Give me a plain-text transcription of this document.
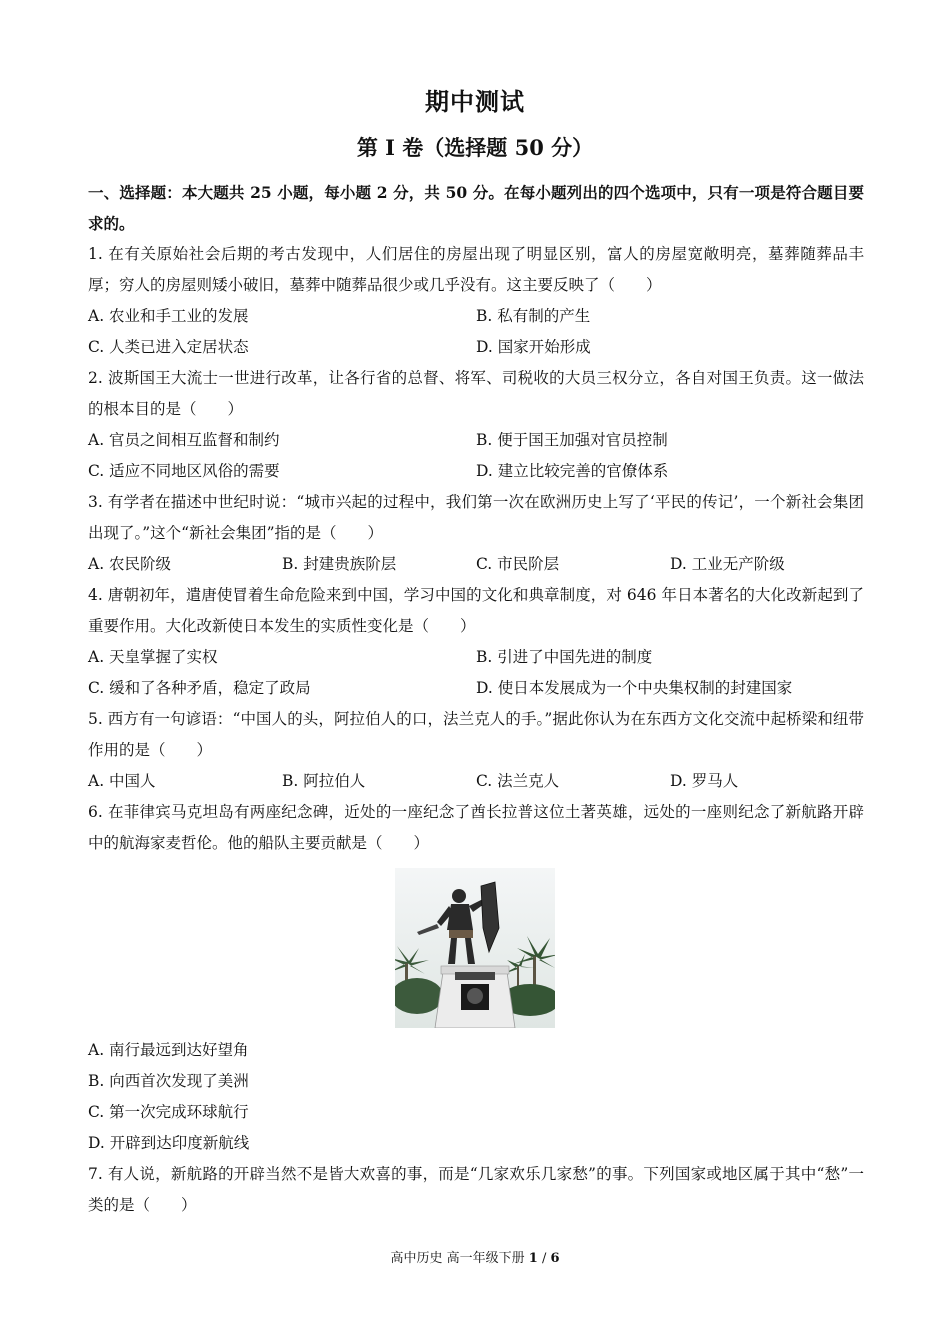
期中测试
第 I 卷（选择题 50 分）
一、选择题：本大题共 25 小题，每小题 2 分，共 50 分。在每小题列出的四个选项中，只有一项是符合题目要求的。
1. 在有关原始社会后期的考古发现中，人们居住的房屋出现了明显区别，富人的房屋宽敞明亮，墓葬随葬品丰厚；穷人的房屋则矮小破旧，墓葬中随葬品很少或几乎没有。这主要反映了（　　）
A. 农业和手工业的发展	B. 私有制的产生
C. 人类已进入定居状态	D. 国家开始形成
2. 波斯国王大流士一世进行改革，让各行省的总督、将军、司税收的大员三权分立，各自对国王负责。这一做法的根本目的是（　　）
A. 官员之间相互监督和制约	B. 便于国王加强对官员控制
C. 适应不同地区风俗的需要	D. 建立比较完善的官僚体系
3. 有学者在描述中世纪时说：“城市兴起的过程中，我们第一次在欧洲历史上写了‘平民的传记’，一个新社会集团出现了。”这个“新社会集团”指的是（　　）
A. 农民阶级	B. 封建贵族阶层	C. 市民阶层	D. 工业无产阶级
4. 唐朝初年，遣唐使冒着生命危险来到中国，学习中国的文化和典章制度，对 646 年日本著名的大化改新起到了重要作用。大化改新使日本发生的实质性变化是（　　）
A. 天皇掌握了实权	B. 引进了中国先进的制度
C. 缓和了各种矛盾，稳定了政局	D. 使日本发展成为一个中央集权制的封建国家
5. 西方有一句谚语：“中国人的头，阿拉伯人的口，法兰克人的手。”据此你认为在东西方文化交流中起桥梁和纽带作用的是（　　）
A. 中国人	B. 阿拉伯人	C. 法兰克人	D. 罗马人
6. 在菲律宾马克坦岛有两座纪念碑，近处的一座纪念了酋长拉普这位土著英雄，远处的一座则纪念了新航路开辟中的航海家麦哲伦。他的船队主要贡献是（　　）
A. 南行最远到达好望角
B. 向西首次发现了美洲
C. 第一次完成环球航行
D. 开辟到达印度新航线
7. 有人说，新航路的开辟当然不是皆大欢喜的事，而是“几家欢乐几家愁”的事。下列国家或地区属于其中“愁”一类的是（　　）
高中历史 高一年级下册 1 / 6
